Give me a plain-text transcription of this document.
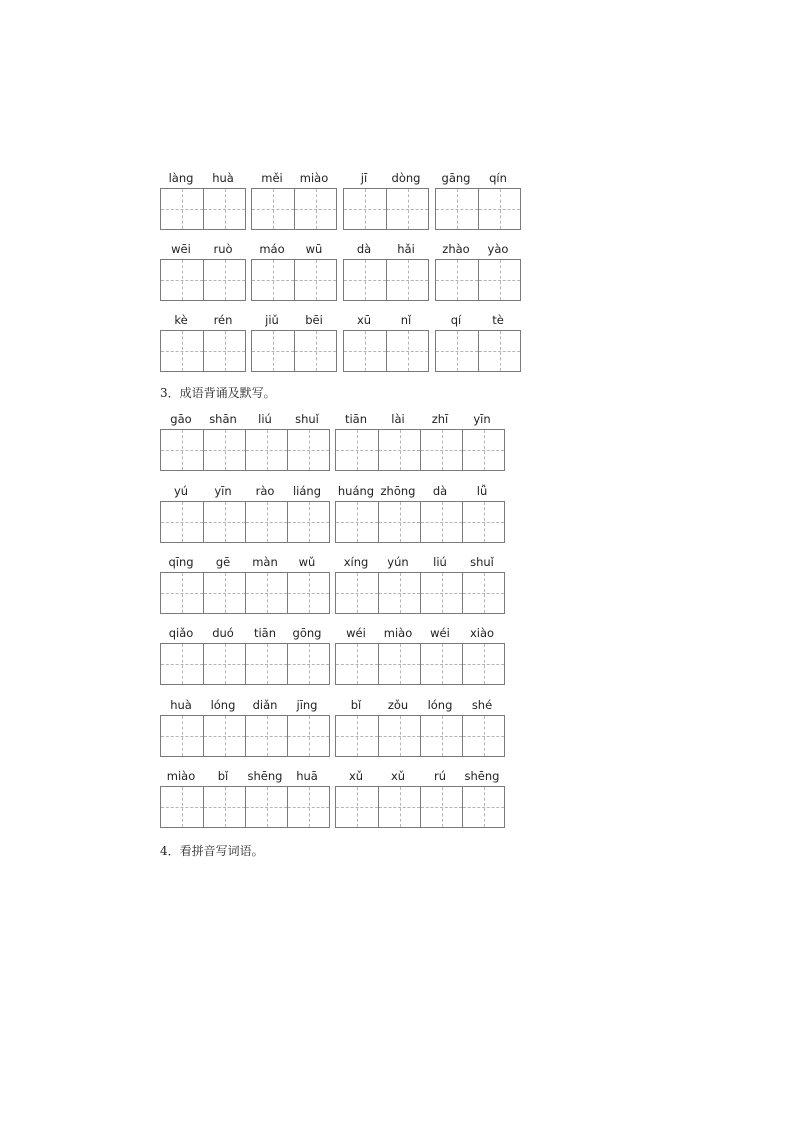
làng	huà	měi	miào	jī	dòng	gāng	qín
wēi	ruò	máo	wū	dà	hǎi	zhào	yào
kè	rén	jiǔ	bēi	xū	nǐ	qí	tè
3．成语背诵及默写。
gāo	shān	liú	shuǐ	tiān	lài	zhī	yīn
yú	yīn	rào	liáng	huáng zhōng	dà	lǚ
qīng	gē	màn	wǔ	xíng	yún	liú	shuǐ
qiǎo	duó	tiān	gōng	wéi	miào	wéi	xiào
huà	lóng	diǎn	jīng	bǐ	zǒu	lóng	shé
miào	bǐ	shēng	huā	xǔ	xǔ	rú	shēng
4．看拼音写词语。
